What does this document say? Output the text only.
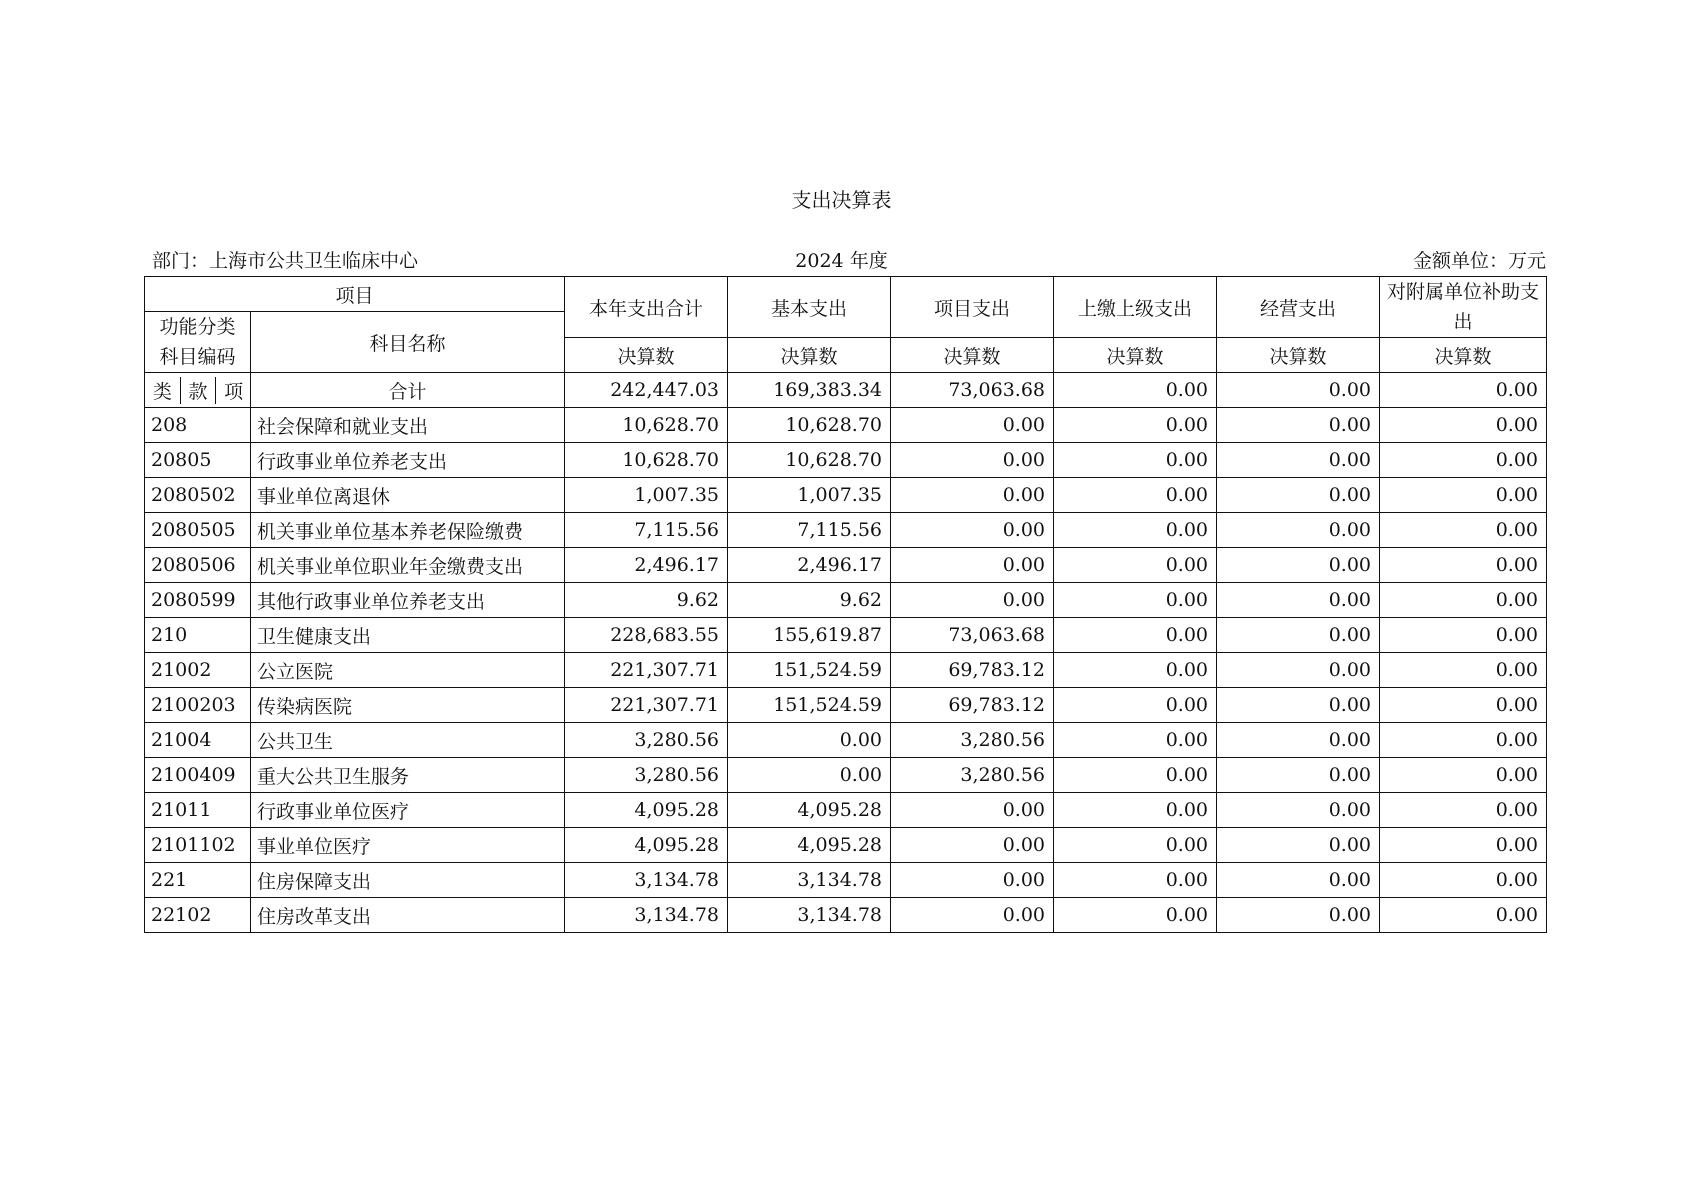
支出决算表
部门：上海市公共卫生临床中心	2024 年度	金额单位：万元
项目		本年支出合计	基本支出	项目支出	上缴上级支出	经营支出	对附属单位补助支出
功能分类科目编码	科目名称						
		决算数	决算数	决算数	决算数	决算数	决算数
类 款 项	合计	242,447.03	169,383.34	73,063.68	0.00	0.00	0.00
208	社会保障和就业支出	10,628.70	10,628.70	0.00	0.00	0.00	0.00
20805	行政事业单位养老支出	10,628.70	10,628.70	0.00	0.00	0.00	0.00
2080502	事业单位离退休	1,007.35	1,007.35	0.00	0.00	0.00	0.00
2080505	机关事业单位基本养老保险缴费	7,115.56	7,115.56	0.00	0.00	0.00	0.00
2080506	机关事业单位职业年金缴费支出	2,496.17	2,496.17	0.00	0.00	0.00	0.00
2080599	其他行政事业单位养老支出	9.62	9.62	0.00	0.00	0.00	0.00
210	卫生健康支出	228,683.55	155,619.87	73,063.68	0.00	0.00	0.00
21002	公立医院	221,307.71	151,524.59	69,783.12	0.00	0.00	0.00
2100203	传染病医院	221,307.71	151,524.59	69,783.12	0.00	0.00	0.00
21004	公共卫生	3,280.56	0.00	3,280.56	0.00	0.00	0.00
2100409	重大公共卫生服务	3,280.56	0.00	3,280.56	0.00	0.00	0.00
21011	行政事业单位医疗	4,095.28	4,095.28	0.00	0.00	0.00	0.00
2101102	事业单位医疗	4,095.28	4,095.28	0.00	0.00	0.00	0.00
221	住房保障支出	3,134.78	3,134.78	0.00	0.00	0.00	0.00
22102	住房改革支出	3,134.78	3,134.78	0.00	0.00	0.00	0.00
